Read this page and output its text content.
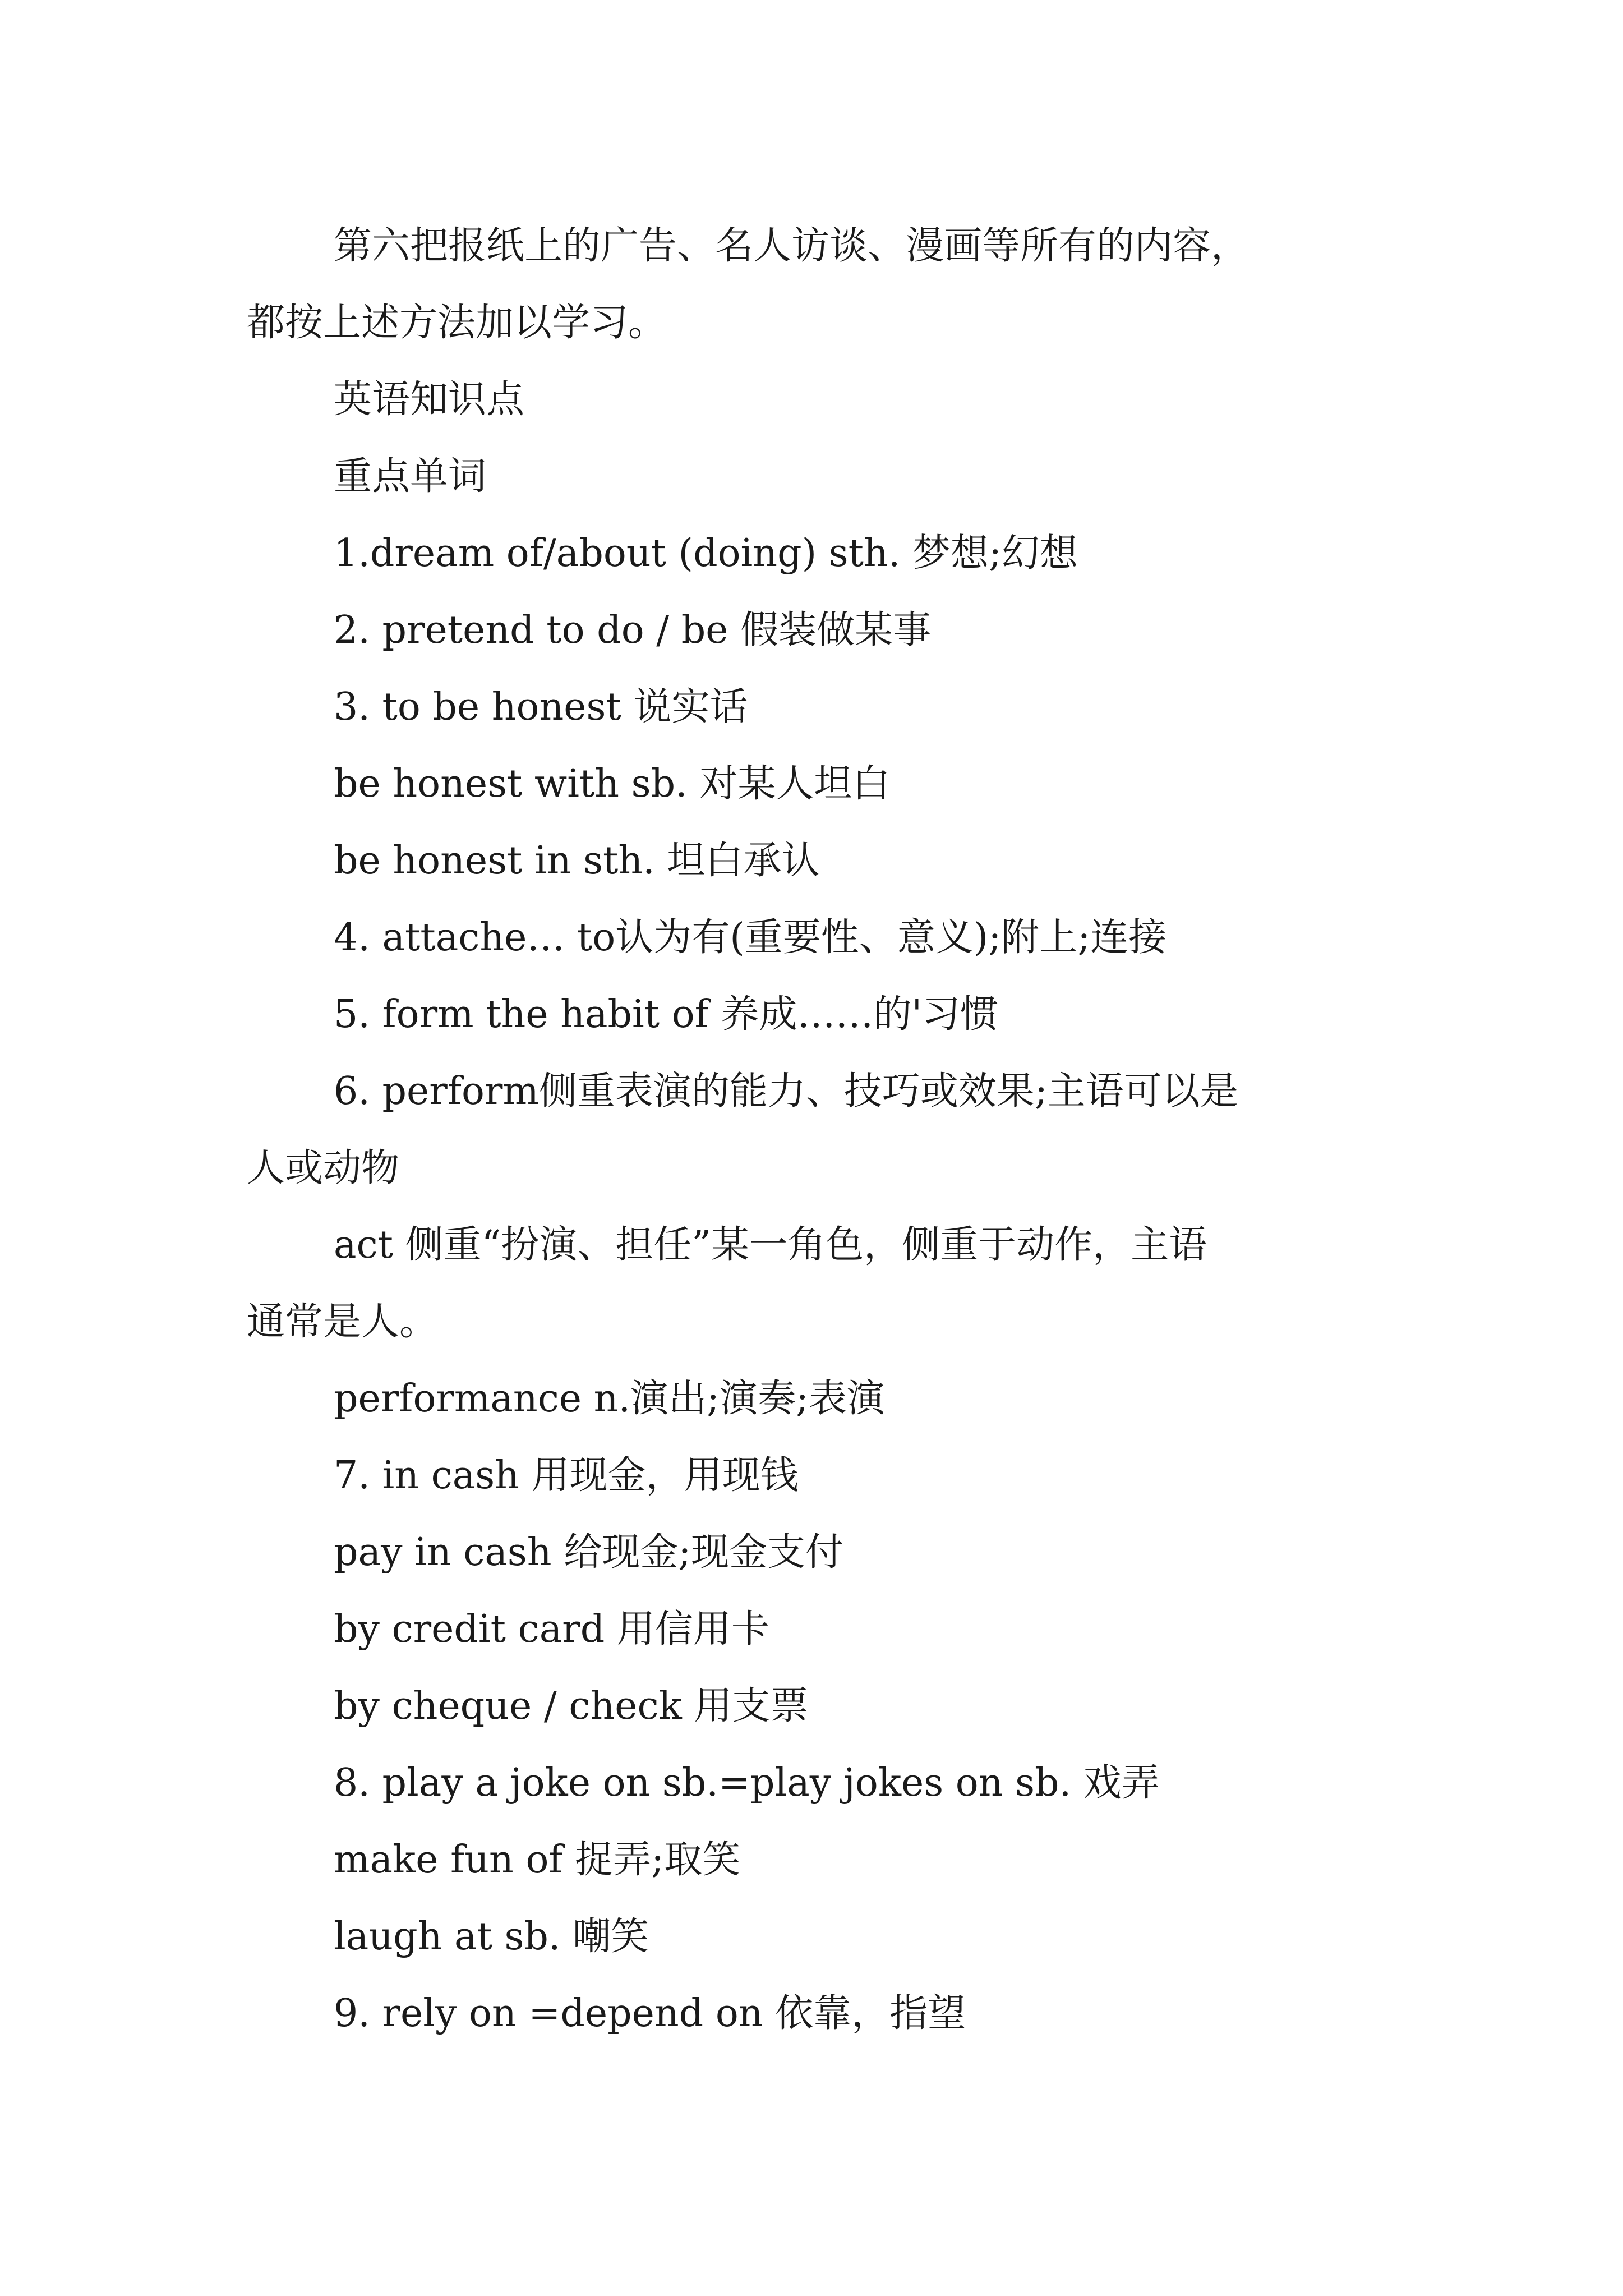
第六把报纸上的广告、名人访谈、漫画等所有的内容，
都按上述方法加以学习。
英语知识点
重点单词
1.dream of/about (doing) sth. 梦想;幻想
2. pretend to do / be 假装做某事
3. to be honest 说实话
be honest with sb. 对某人坦白
be honest in sth. 坦白承认
4. attache… to认为有(重要性、意义);附上;连接
5. form the habit of 养成……的'习惯
6. perform侧重表演的能力、技巧或效果;主语可以是
人或动物
act 侧重“扮演、担任”某一角色，侧重于动作，主语
通常是人。
performance n.演出;演奏;表演
7. in cash 用现金，用现钱
pay in cash 给现金;现金支付
by credit card 用信用卡
by cheque / check 用支票
8. play a joke on sb.=play jokes on sb. 戏弄
make fun of 捉弄;取笑
laugh at sb. 嘲笑
9. rely on =depend on 依靠，指望
